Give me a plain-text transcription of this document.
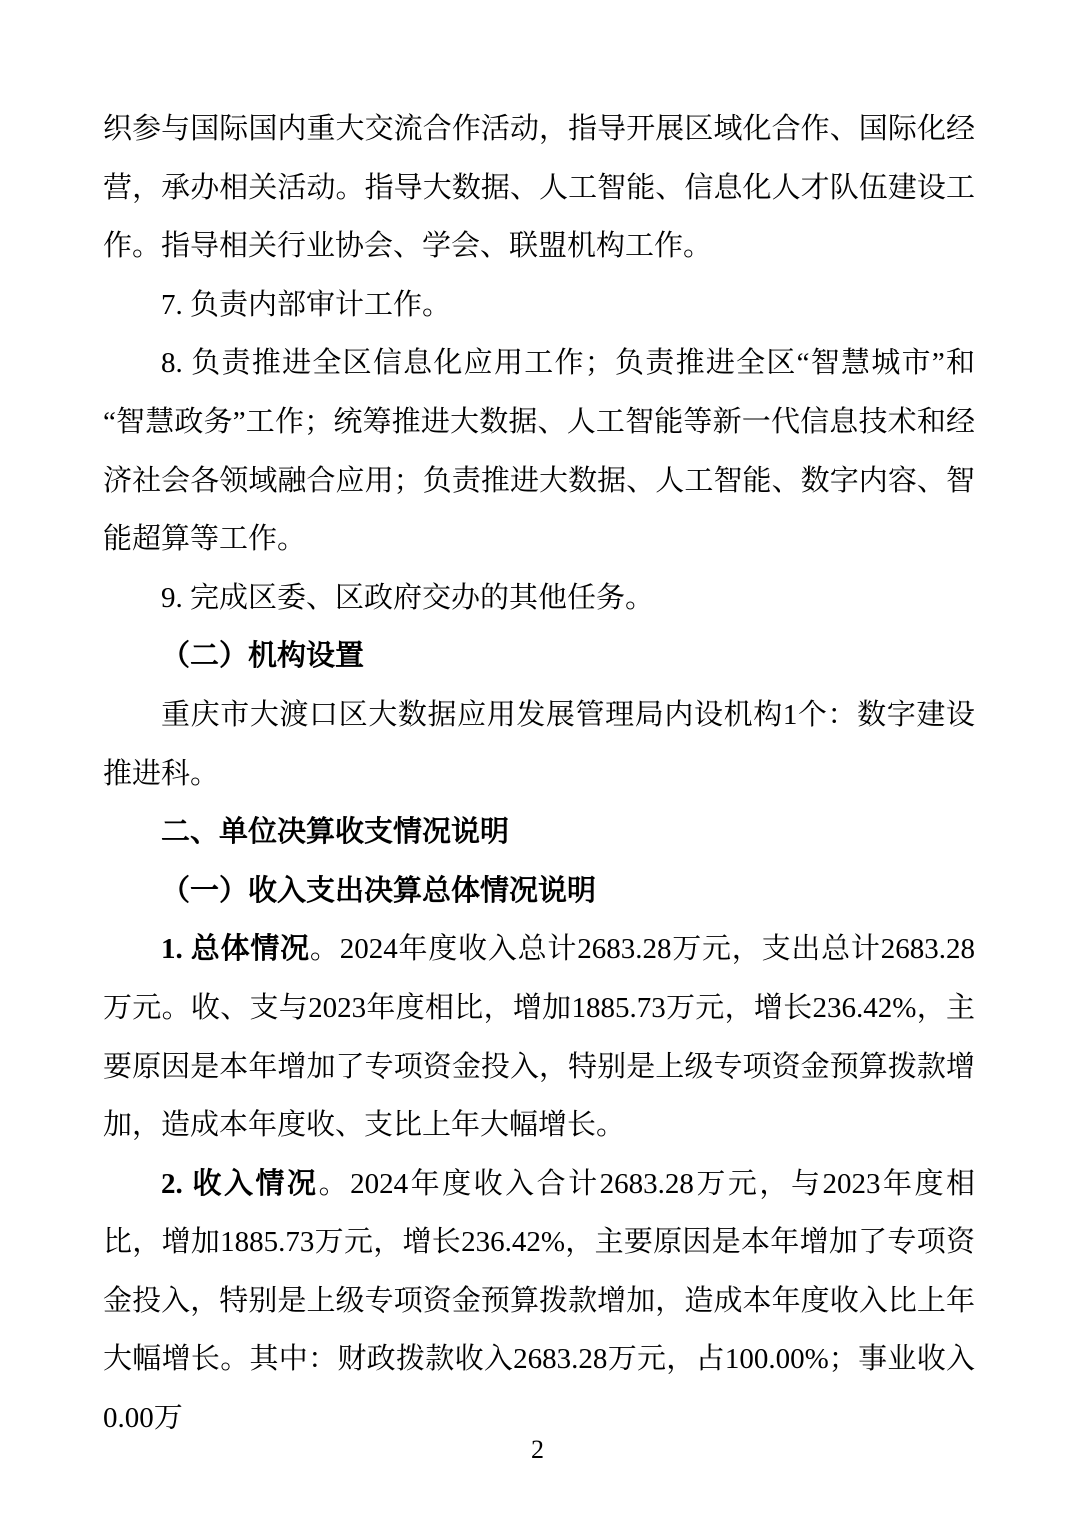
织参与国际国内重大交流合作活动，指导开展区域化合作、国际化经营，承办相关活动。指导大数据、人工智能、信息化人才队伍建设工作。指导相关行业协会、学会、联盟机构工作。

7. 负责内部审计工作。

8. 负责推进全区信息化应用工作；负责推进全区“智慧城市”和“智慧政务”工作；统筹推进大数据、人工智能等新一代信息技术和经济社会各领域融合应用；负责推进大数据、人工智能、数字内容、智能超算等工作。

9. 完成区委、区政府交办的其他任务。

（二）机构设置

重庆市大渡口区大数据应用发展管理局内设机构1个：数字建设推进科。

二、单位决算收支情况说明

（一）收入支出决算总体情况说明

1. 总体情况。2024年度收入总计2683.28万元，支出总计2683.28万元。收、支与2023年度相比，增加1885.73万元，增长236.42%，主要原因是本年增加了专项资金投入，特别是上级专项资金预算拨款增加，造成本年度收、支比上年大幅增长。

2. 收入情况。2024年度收入合计2683.28万元，与2023年度相比，增加1885.73万元，增长236.42%，主要原因是本年增加了专项资金投入，特别是上级专项资金预算拨款增加，造成本年度收入比上年大幅增长。其中：财政拨款收入2683.28万元，占100.00%；事业收入0.00万

2
